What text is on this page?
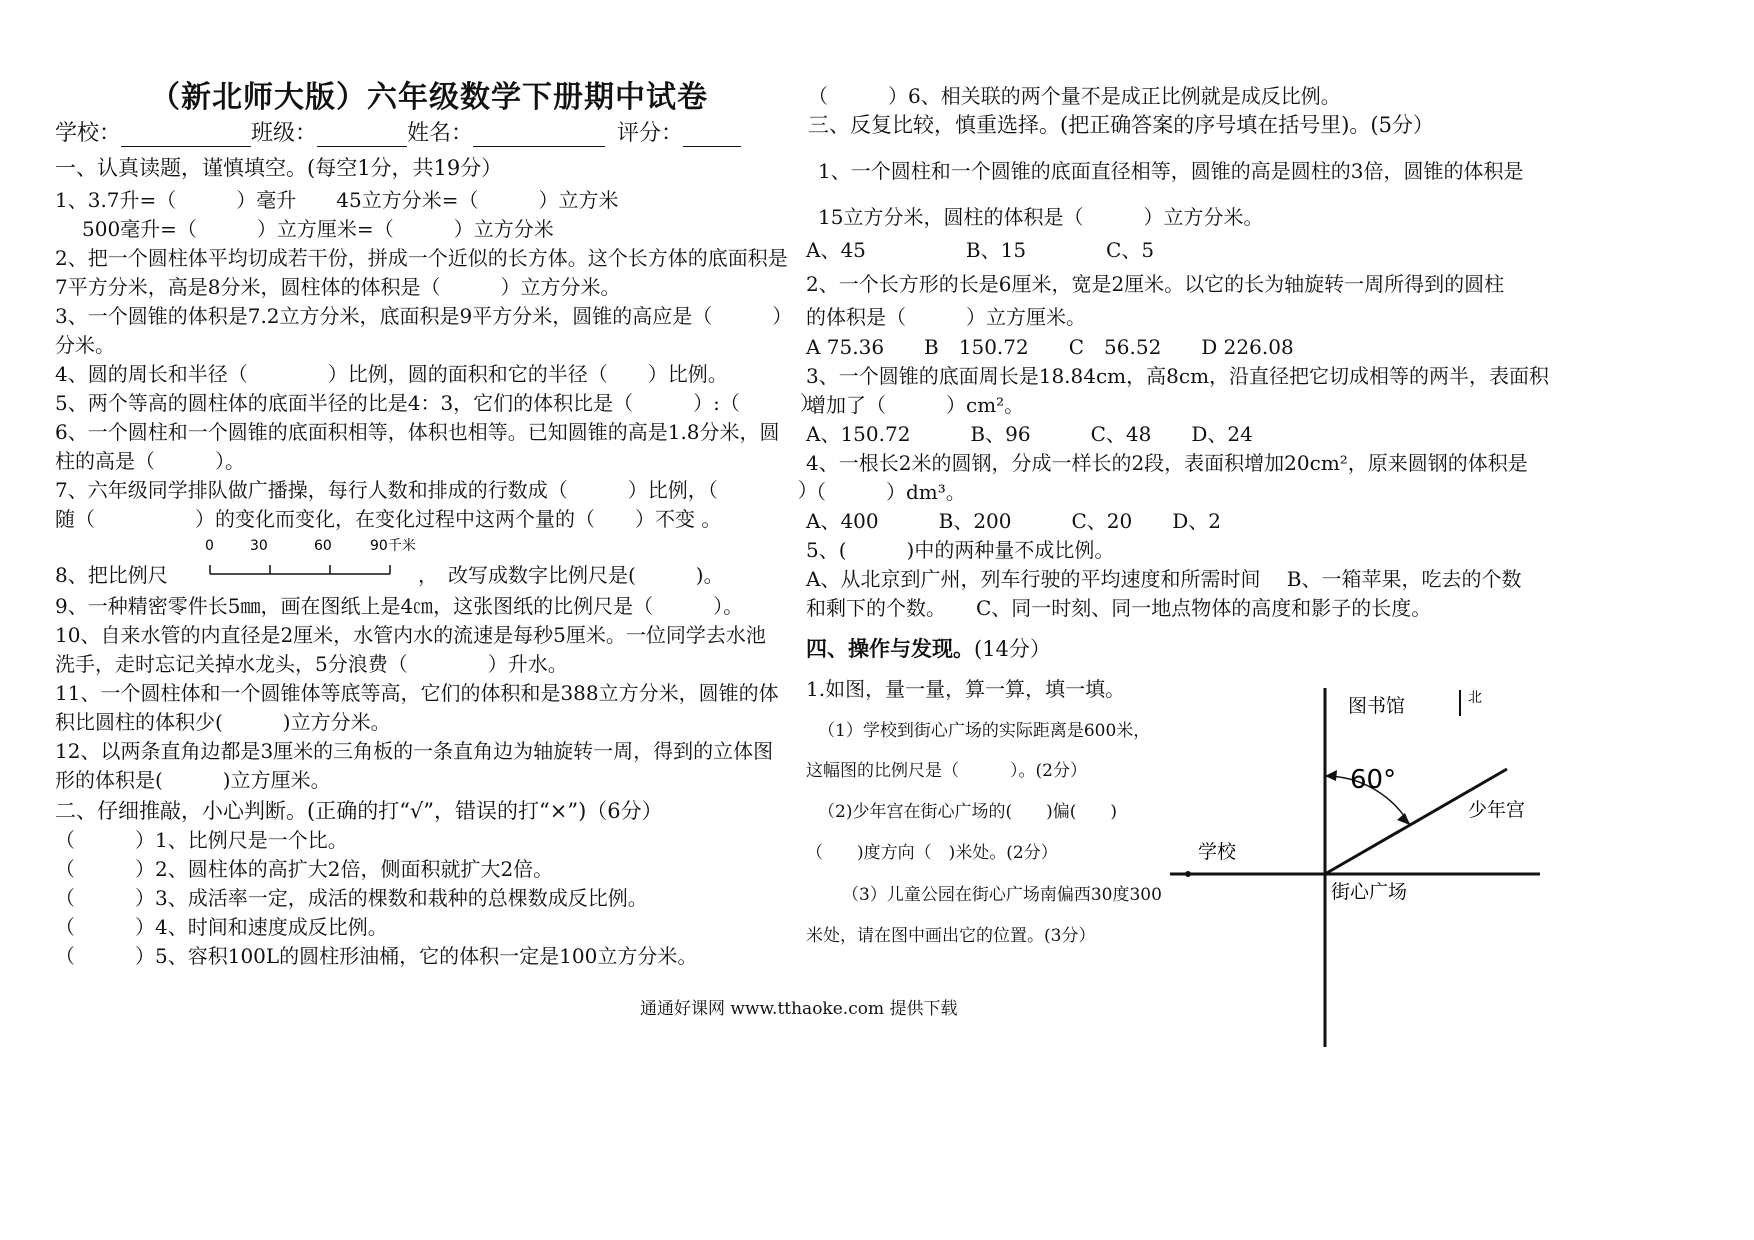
（新北师大版）六年级数学下册期中试卷
学校：	班级：	姓名：	评分：
一、认真读题，谨慎填空。(每空1分，共19分）
1、3.7升=（　　　）毫升　　45立方分米=（　　　）立方米
500毫升=（　　　）立方厘米=（　　　）立方分米
2、把一个圆柱体平均切成若干份，拼成一个近似的长方体。这个长方体的底面积是
7平方分米，高是8分米，圆柱体的体积是（　　　）立方分米。
3、一个圆锥的体积是7.2立方分米，底面积是9平方分米，圆锥的高应是（　　　）
分米。
4、圆的周长和半径（　　　　）比例，圆的面积和它的半径（　　）比例。
5、两个等高的圆柱体的底面半径的比是4：3，它们的体积比是（　　　）:（　　　）。
6、一个圆柱和一个圆锥的底面积相等，体积也相等。已知圆锥的高是1.8分米，圆
柱的高是（　　　）。
7、六年级同学排队做广播操，每行人数和排成的行数成（　　　）比例，（　　　　）
随（　　　　　）的变化而变化，在变化过程中这两个量的（　　）不变 。
8、把比例尺
0	30	60	90千米
，　改写成数字比例尺是(　　　)。
9、一种精密零件长5㎜，画在图纸上是4㎝，这张图纸的比例尺是（　　　）。
10、自来水管的内直径是2厘米，水管内水的流速是每秒5厘米。一位同学去水池
洗手，走时忘记关掉水龙头，5分浪费（　　　　）升水。
11、一个圆柱体和一个圆锥体等底等高，它们的体积和是388立方分米，圆锥的体
积比圆柱的体积少(　　　)立方分米。
12、以两条直角边都是3厘米的三角板的一条直角边为轴旋转一周，得到的立体图
形的体积是(　　　)立方厘米。
二、仔细推敲，小心判断。(正确的打“√”，错误的打“×”)（6分）
（　　　）1、比例尺是一个比。
（　　　）2、圆柱体的高扩大2倍，侧面积就扩大2倍。
（　　　）3、成活率一定，成活的棵数和栽种的总棵数成反比例。
（　　　）4、时间和速度成反比例。
（　　　）5、容积100L的圆柱形油桶，它的体积一定是100立方分米。
（　　　）6、相关联的两个量不是成正比例就是成反比例。
三、反复比较，慎重选择。(把正确答案的序号填在括号里)。(5分）
1、一个圆柱和一个圆锥的底面直径相等，圆锥的高是圆柱的3倍，圆锥的体积是
15立方分米，圆柱的体积是（　　　）立方分米。
A、45　　　　　B、15　　　　C、5
2、一个长方形的长是6厘米，宽是2厘米。以它的长为轴旋转一周所得到的圆柱
的体积是（　　　）立方厘米。
A 75.36　　B　150.72　　C　56.52　　D 226.08
3、一个圆锥的底面周长是18.84cm，高8cm，沿直径把它切成相等的两半，表面积
增加了（　　　）cm²。
A、150.72　　　B、96　　　C、48　　D、24
4、一根长2米的圆钢，分成一样长的2段，表面积增加20cm²，原来圆钢的体积是
（　　　）dm³。
A、400　　　B、200　　　C、20　　D、2
5、(　　　)中的两种量不成比例。
A、从北京到广州，列车行驶的平均速度和所需时间　 B、一箱苹果，吃去的个数
和剩下的个数。　　C、同一时刻、同一地点物体的高度和影子的长度。
四、操作与发现。(14分）
1.如图，量一量，算一算，填一填。
（1）学校到街心广场的实际距离是600米，
这幅图的比例尺是（　　　）。(2分）
（2)少年宫在街心广场的(　　)偏(　　)
（　　)度方向（　)米处。(2分）
（3）儿童公园在街心广场南偏西30度300
米处，请在图中画出它的位置。(3分）
北
60°
图书馆
少年宫
学校
街心广场
通通好课网 www.tthaoke.com 提供下载
